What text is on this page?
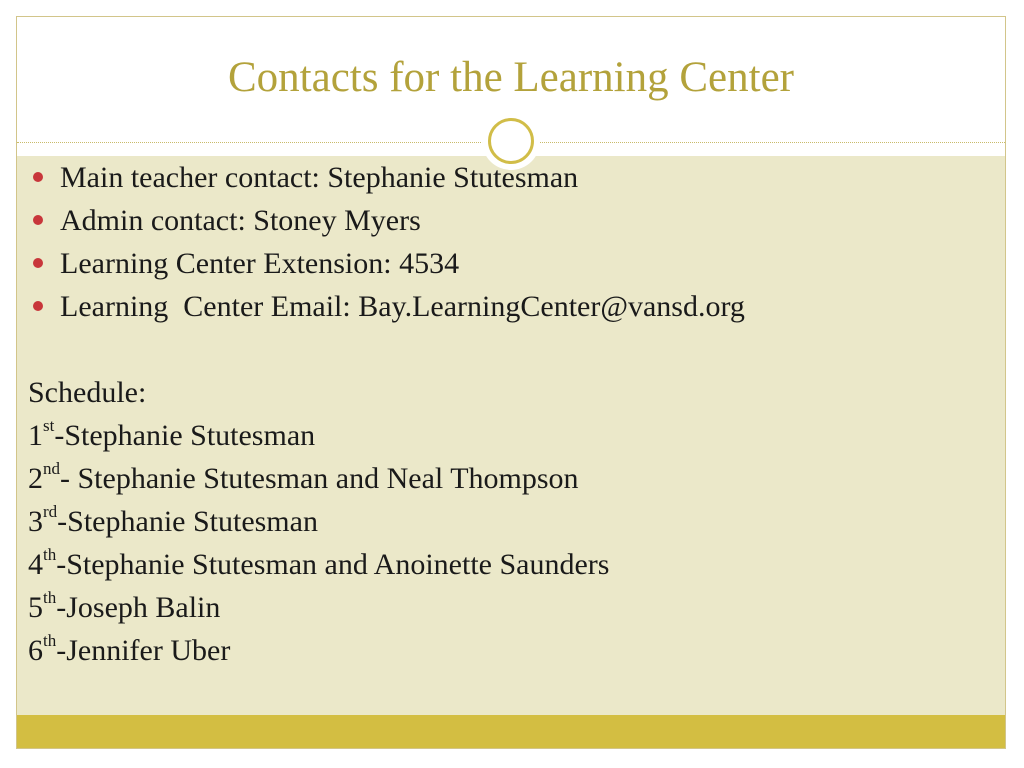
Contacts for the Learning Center
Main teacher contact: Stephanie Stutesman
Admin contact: Stoney Myers
Learning Center Extension: 4534
Learning  Center Email: Bay.LearningCenter@vansd.org
Schedule:
1st-Stephanie Stutesman
2nd- Stephanie Stutesman and Neal Thompson
3rd-Stephanie Stutesman
4th-Stephanie Stutesman and Anoinette Saunders
5th-Joseph Balin
6th-Jennifer Uber
